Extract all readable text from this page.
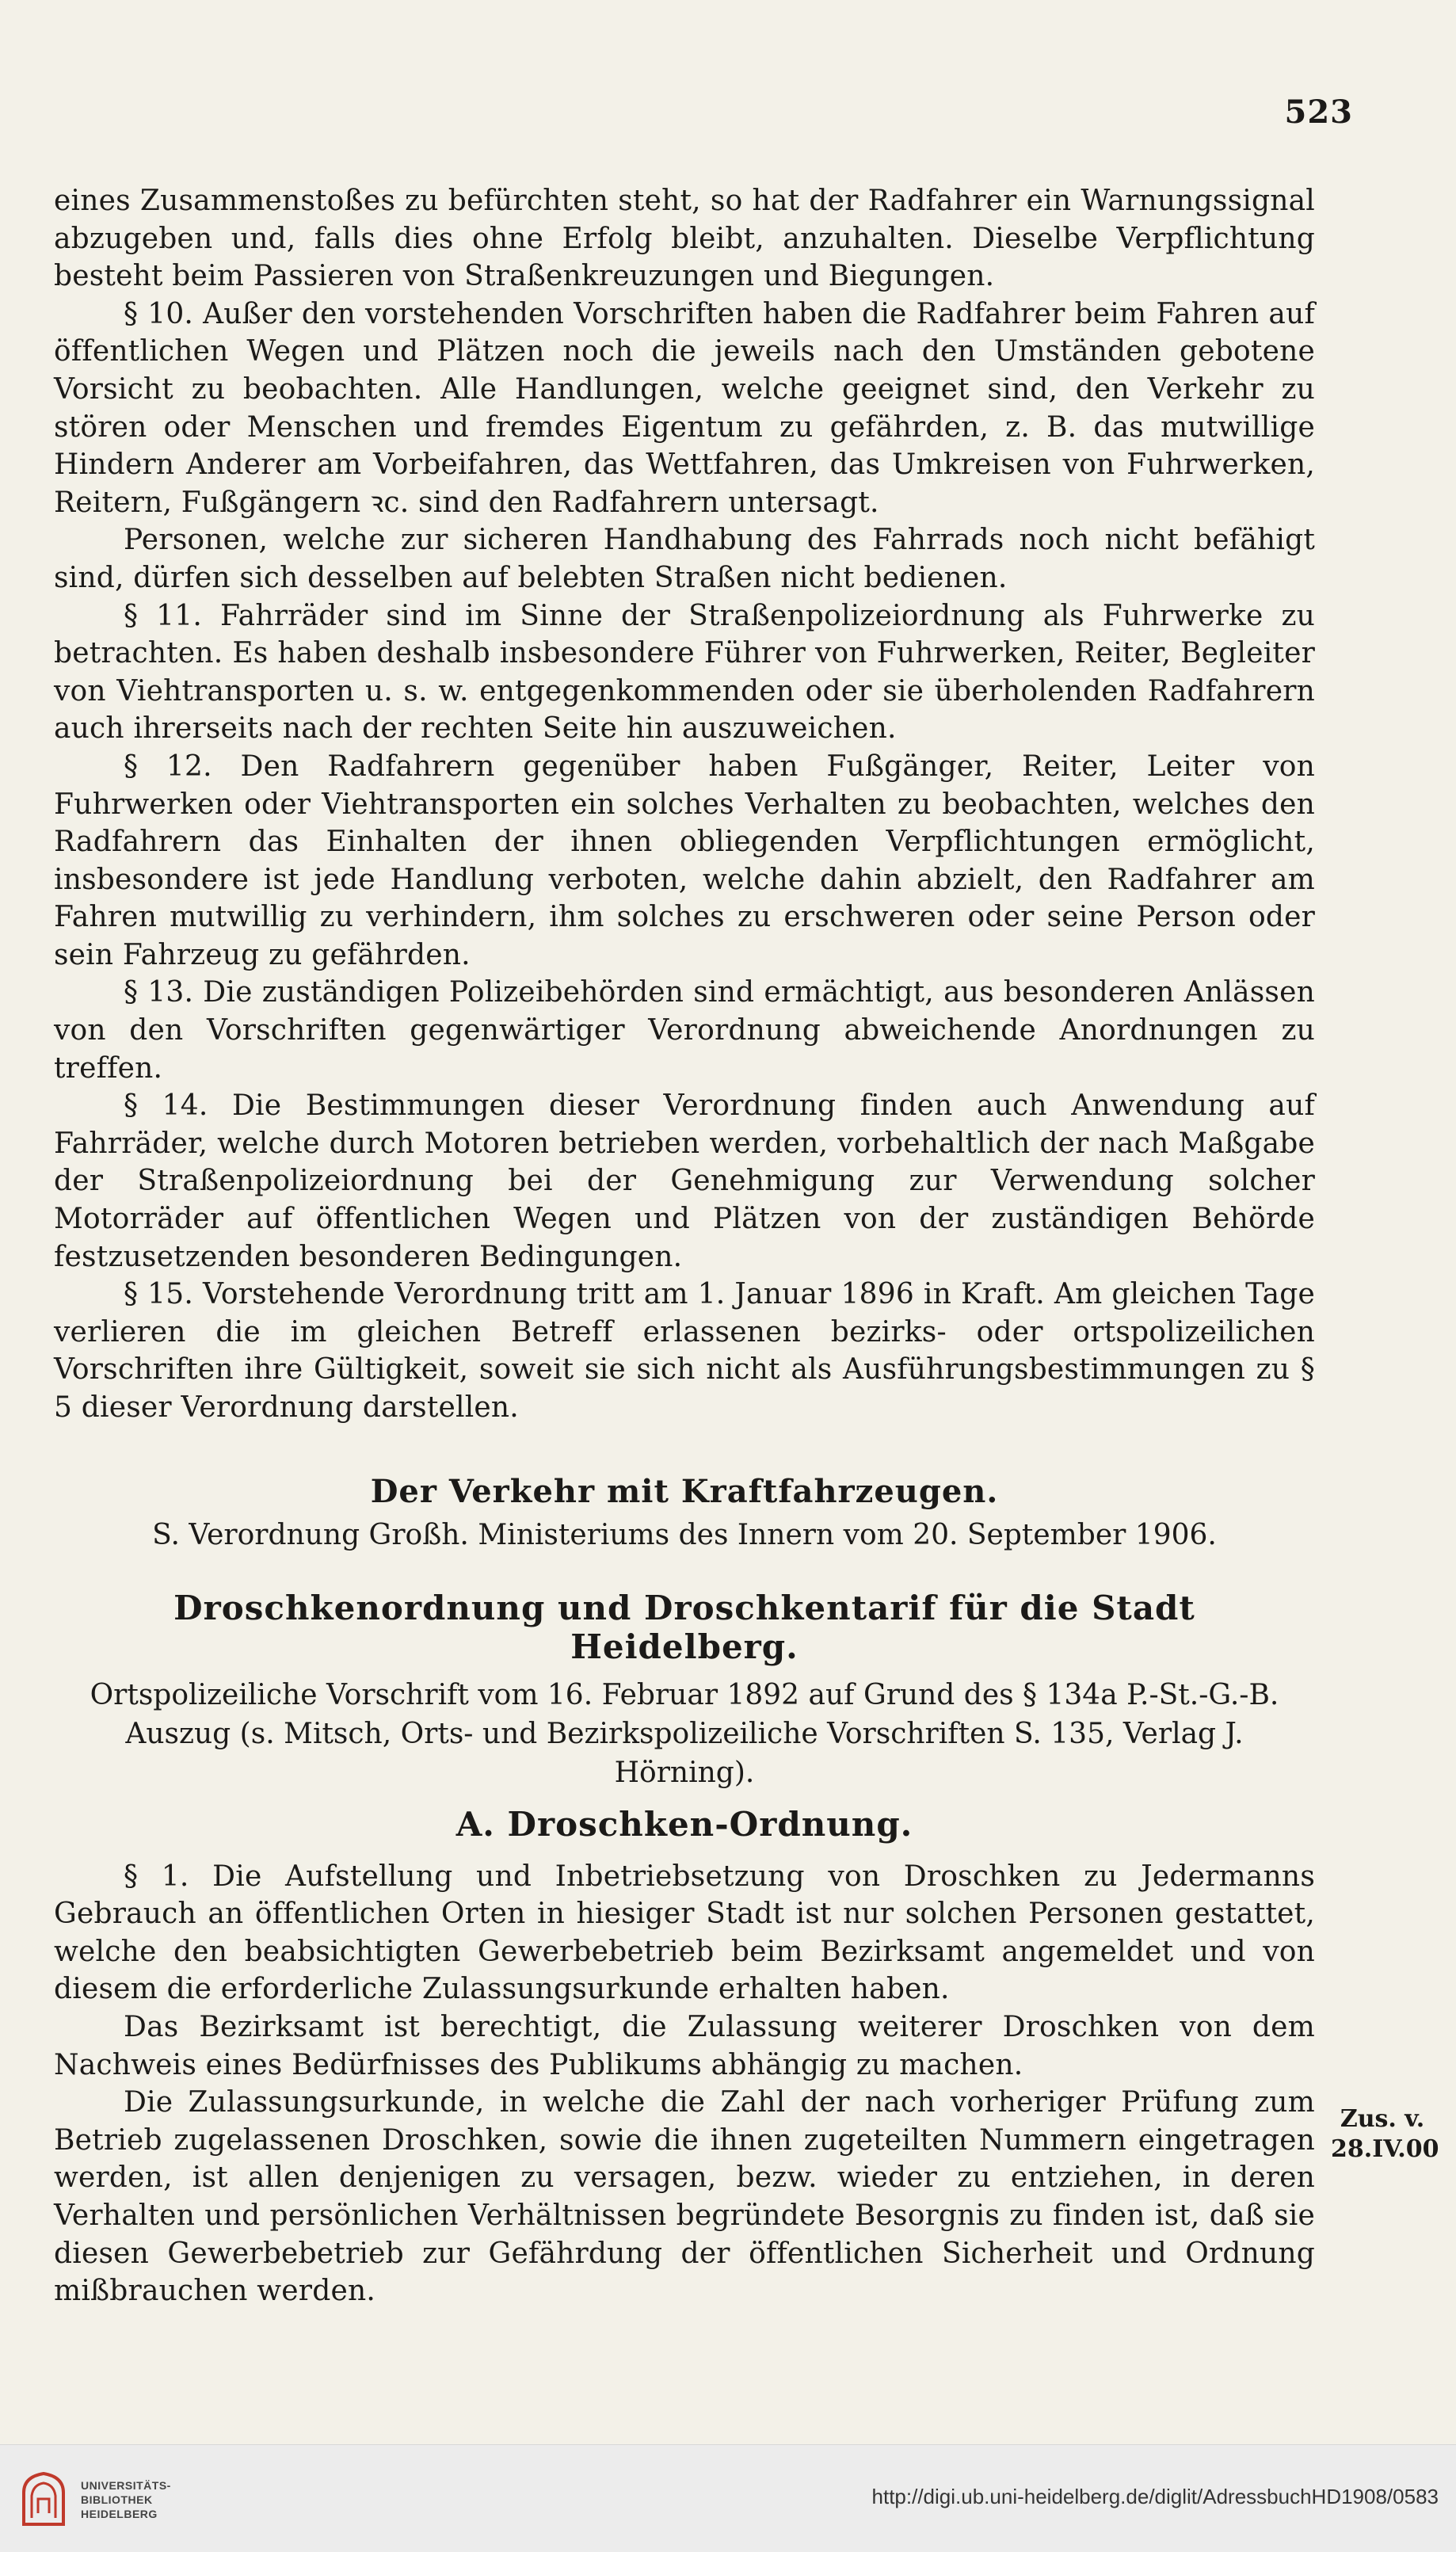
523

eines Zusammenstoßes zu befürchten steht, so hat der Radfahrer ein Warnungssignal abzugeben und, falls dies ohne Erfolg bleibt, anzuhalten. Dieselbe Verpflichtung besteht beim Passieren von Straßenkreuzungen und Biegungen.

§ 10. Außer den vorstehenden Vorschriften haben die Radfahrer beim Fahren auf öffentlichen Wegen und Plätzen noch die jeweils nach den Umständen gebotene Vorsicht zu beobachten. Alle Handlungen, welche geeignet sind, den Verkehr zu stören oder Menschen und fremdes Eigentum zu gefährden, z. B. das mutwillige Hindern Anderer am Vorbeifahren, das Wettfahren, das Umkreisen von Fuhrwerken, Reitern, Fußgängern ꝛc. sind den Radfahrern untersagt.

Personen, welche zur sicheren Handhabung des Fahrrads noch nicht befähigt sind, dürfen sich desselben auf belebten Straßen nicht bedienen.

§ 11. Fahrräder sind im Sinne der Straßenpolizeiordnung als Fuhrwerke zu betrachten. Es haben deshalb insbesondere Führer von Fuhrwerken, Reiter, Begleiter von Viehtransporten u. s. w. entgegenkommenden oder sie überholenden Radfahrern auch ihrerseits nach der rechten Seite hin auszuweichen.

§ 12. Den Radfahrern gegenüber haben Fußgänger, Reiter, Leiter von Fuhrwerken oder Viehtransporten ein solches Verhalten zu beobachten, welches den Radfahrern das Einhalten der ihnen obliegenden Verpflichtungen ermöglicht, insbesondere ist jede Handlung verboten, welche dahin abzielt, den Radfahrer am Fahren mutwillig zu verhindern, ihm solches zu erschweren oder seine Person oder sein Fahrzeug zu gefährden.

§ 13. Die zuständigen Polizeibehörden sind ermächtigt, aus besonderen Anlässen von den Vorschriften gegenwärtiger Verordnung abweichende Anordnungen zu treffen.

§ 14. Die Bestimmungen dieser Verordnung finden auch Anwendung auf Fahrräder, welche durch Motoren betrieben werden, vorbehaltlich der nach Maßgabe der Straßenpolizeiordnung bei der Genehmigung zur Verwendung solcher Motorräder auf öffentlichen Wegen und Plätzen von der zuständigen Behörde festzusetzenden besonderen Bedingungen.

§ 15. Vorstehende Verordnung tritt am 1. Januar 1896 in Kraft. Am gleichen Tage verlieren die im gleichen Betreff erlassenen bezirks- oder ortspolizeilichen Vorschriften ihre Gültigkeit, soweit sie sich nicht als Ausführungsbestimmungen zu § 5 dieser Verordnung darstellen.

Der Verkehr mit Kraftfahrzeugen.
S. Verordnung Großh. Ministeriums des Innern vom 20. September 1906.
Droschkenordnung und Droschkentarif für die Stadt Heidelberg.

Ortspolizeiliche Vorschrift vom 16. Februar 1892 auf Grund des § 134a P.-St.-G.-B.

Auszug (s. Mitsch, Orts- und Bezirkspolizeiliche Vorschriften S. 135, Verlag J. Hörning).

A. Droschken-Ordnung.

§ 1. Die Aufstellung und Inbetriebsetzung von Droschken zu Jedermanns Gebrauch an öffentlichen Orten in hiesiger Stadt ist nur solchen Personen gestattet, welche den beabsichtigten Gewerbebetrieb beim Bezirksamt angemeldet und von diesem die erforderliche Zulassungsurkunde erhalten haben.

Das Bezirksamt ist berechtigt, die Zulassung weiterer Droschken von dem Nachweis eines Bedürfnisses des Publikums abhängig zu machen.

Die Zulassungsurkunde, in welche die Zahl der nach vorheriger Prüfung zum Betrieb zugelassenen Droschken, sowie die ihnen zugeteilten Nummern eingetragen werden, ist allen denjenigen zu versagen, bezw. wieder zu entziehen, in deren Verhalten und persönlichen Verhältnissen begründete Besorgnis zu finden ist, daß sie diesen Gewerbebetrieb zur Gefährdung der öffentlichen Sicherheit und Ordnung mißbrauchen werden.

Zus. v.
28.IV.00
UNIVERSITÄTS-
BIBLIOTHEK
HEIDELBERG
http://digi.ub.uni-heidelberg.de/diglit/AdressbuchHD1908/0583
